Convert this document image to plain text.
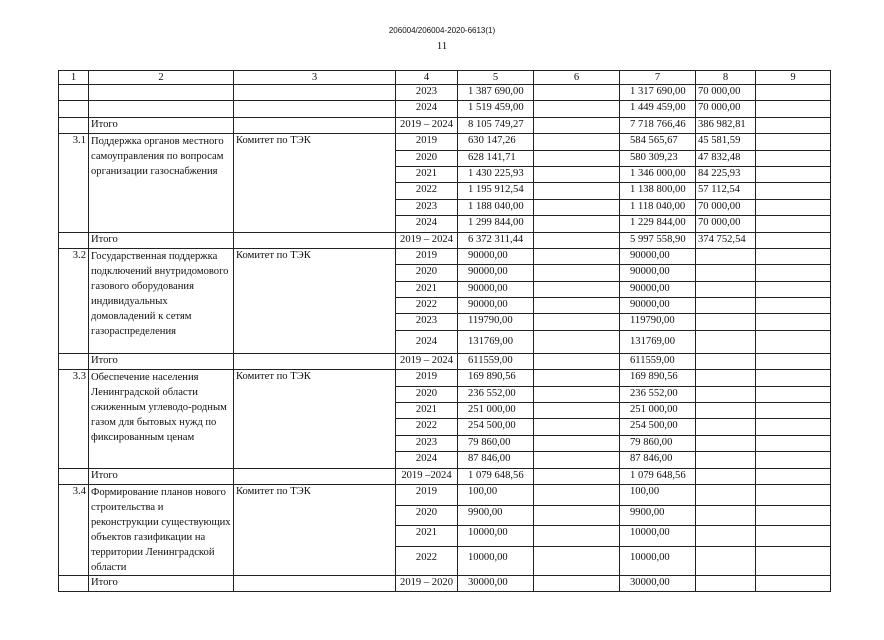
206004/206004-2020-6613(1)
11
1	2	3	4	5	6	7	8	9
			2023	1 387 690,00		1 317 690,00	70 000,00	
			2024	1 519 459,00		1 449 459,00	70 000,00	
	Итого		2019 – 2024	8 105 749,27		7 718 766,46	386 982,81	
3.1	Поддержка органов местного самоуправления по вопросам организации газоснабжения	Комитет по ТЭК	2019	630 147,26		584 565,67	45 581,59	
			2020	628 141,71		580 309,23	47 832,48	
			2021	1 430 225,93		1 346 000,00	84 225,93	
			2022	1 195 912,54		1 138 800,00	57 112,54	
			2023	1 188 040,00		1 118 040,00	70 000,00	
			2024	1 299 844,00		1 229 844,00	70 000,00	
	Итого		2019 – 2024	6 372 311,44		5 997 558,90	374 752,54	
3.2	Государственная поддержка подключений внутридомового газового оборудования индивидуальных домовладений к сетям газораспределения	Комитет по ТЭК	2019	90000,00		90000,00		
			2020	90000,00		90000,00		
			2021	90000,00		90000,00		
			2022	90000,00		90000,00		
			2023	119790,00		119790,00		
			2024	131769,00		131769,00		
	Итого		2019 – 2024	611559,00		611559,00		
3.3	Обеспечение населения Ленинградской области сжиженным углеводо-родным газом для бытовых нужд по фиксированным ценам	Комитет по ТЭК	2019	169 890,56		169 890,56		
			2020	236 552,00		236 552,00		
			2021	251 000,00		251 000,00		
			2022	254 500,00		254 500,00		
			2023	79 860,00		79 860,00		
			2024	87 846,00		87 846,00		
	Итого		2019 –2024	1 079 648,56		1 079 648,56		
3.4	Формирование планов нового строительства и реконструкции существующих объектов газификации на территории Ленинградской области	Комитет по ТЭК	2019	100,00		100,00		
			2020	9900,00		9900,00		
			2021	10000,00		10000,00		
			2022	10000,00		10000,00		
	Итого		2019 – 2020	30000,00		30000,00		
